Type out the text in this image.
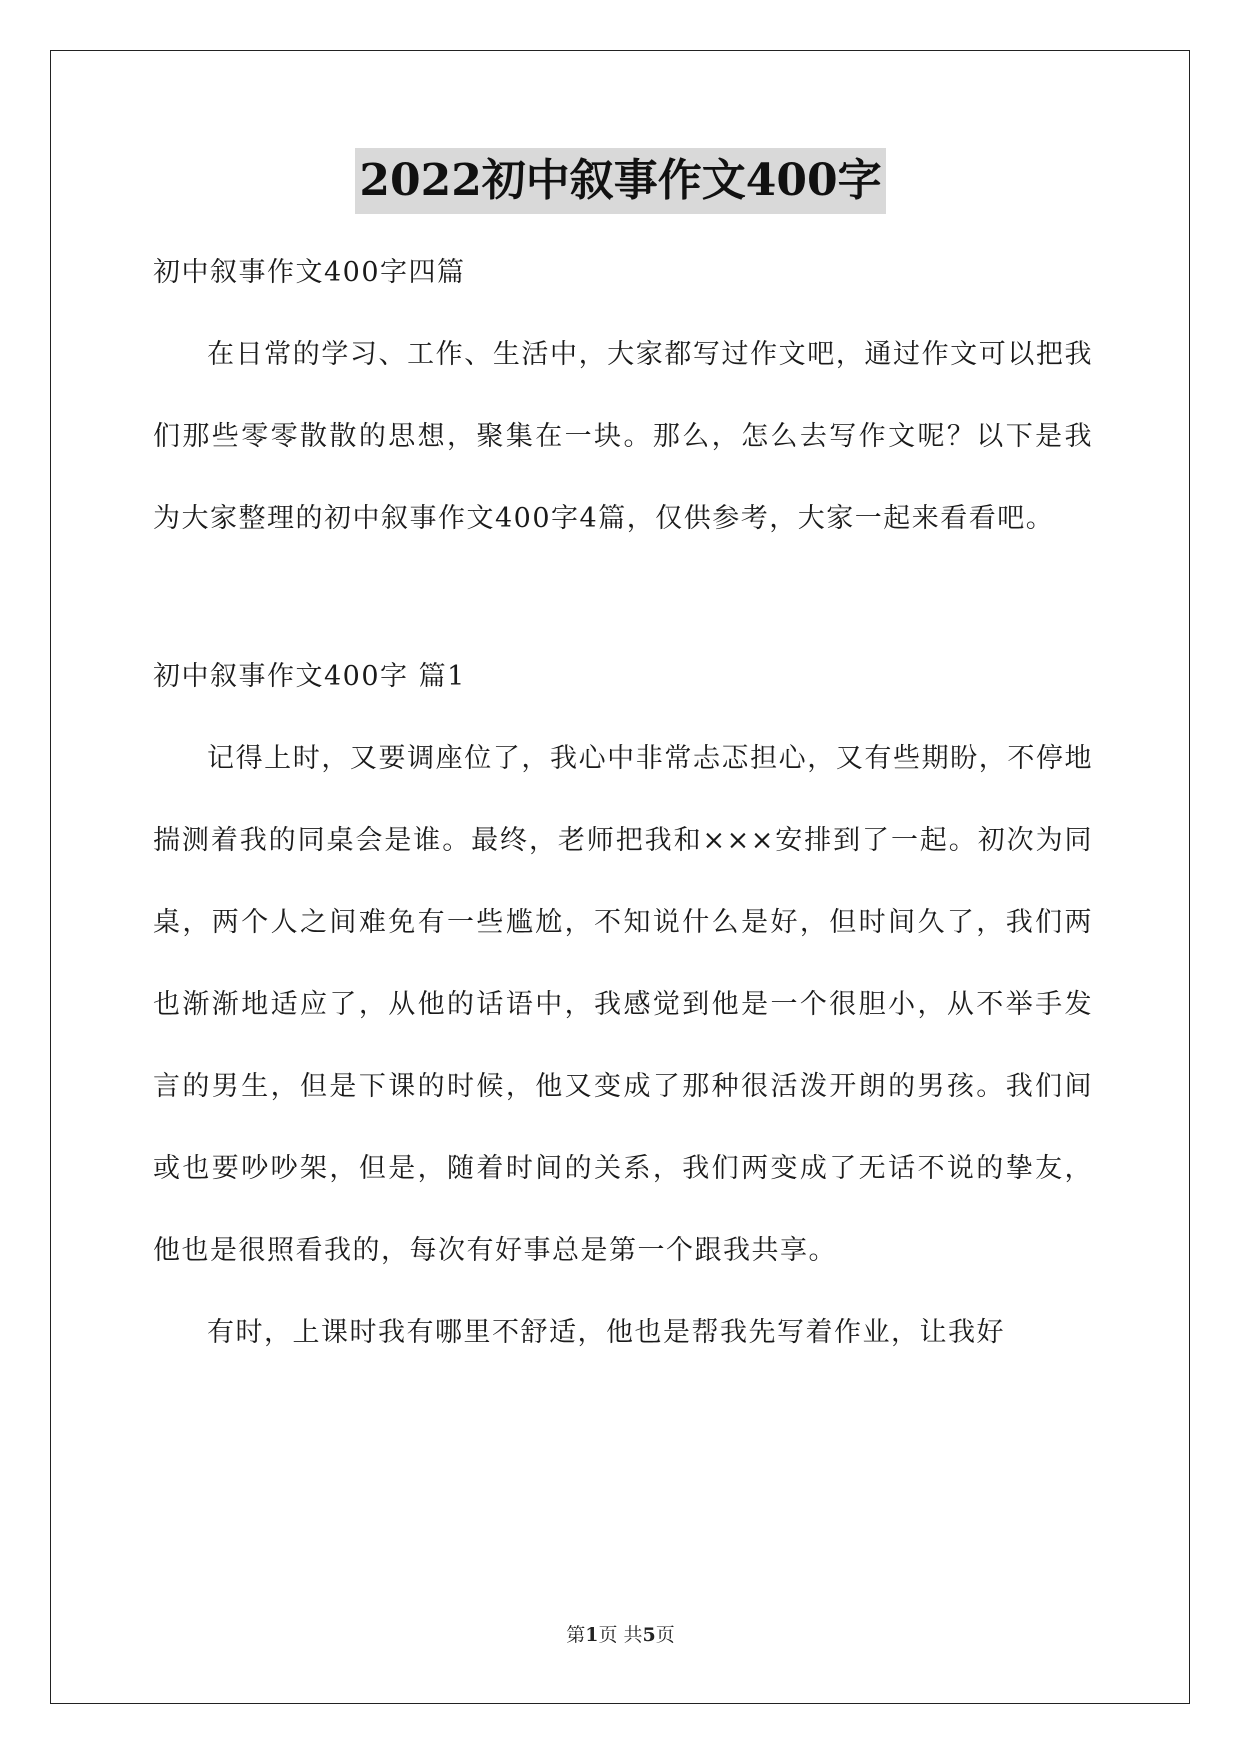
2022初中叙事作文400字

初中叙事作文400字四篇

在日常的学习、工作、生活中，大家都写过作文吧，通过作文可以把我们那些零零散散的思想，聚集在一块。那么，怎么去写作文呢？以下是我为大家整理的初中叙事作文400字4篇，仅供参考，大家一起来看看吧。

初中叙事作文400字 篇1

记得上时，又要调座位了，我心中非常忐忑担心，又有些期盼，不停地揣测着我的同桌会是谁。最终，老师把我和×××安排到了一起。初次为同桌，两个人之间难免有一些尴尬，不知说什么是好，但时间久了，我们两也渐渐地适应了，从他的话语中，我感觉到他是一个很胆小，从不举手发言的男生，但是下课的时候，他又变成了那种很活泼开朗的男孩。我们间或也要吵吵架，但是，随着时间的关系，我们两变成了无话不说的挚友，他也是很照看我的，每次有好事总是第一个跟我共享。

有时，上课时我有哪里不舒适，他也是帮我先写着作业，让我好

第1页 共5页
